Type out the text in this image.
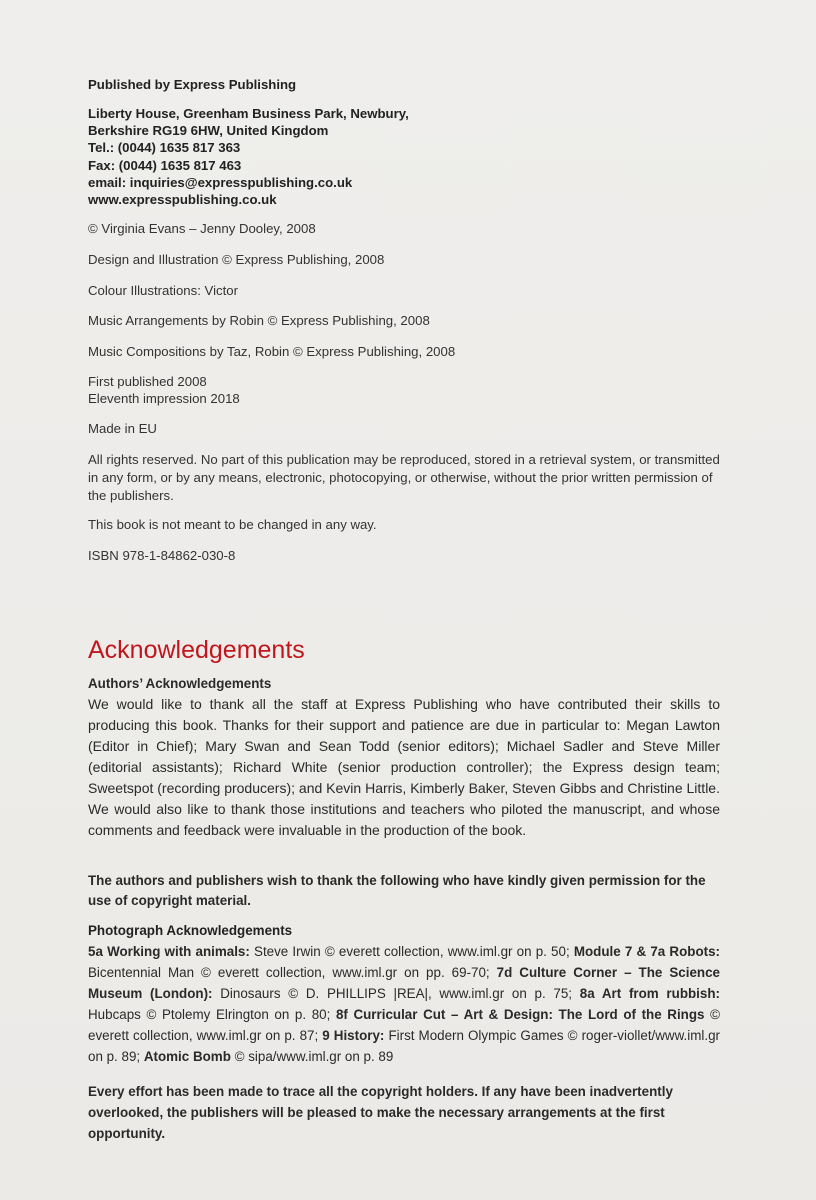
Published by Express Publishing

Liberty House, Greenham Business Park, Newbury,

Berkshire RG19 6HW, United Kingdom

Tel.: (0044) 1635 817 363

Fax: (0044) 1635 817 463

email: inquiries@expresspublishing.co.uk

www.expresspublishing.co.uk

© Virginia Evans – Jenny Dooley, 2008

Design and Illustration © Express Publishing, 2008

Colour Illustrations: Victor

Music Arrangements by Robin © Express Publishing, 2008

Music Compositions by Taz, Robin © Express Publishing, 2008

First published 2008

Eleventh impression 2018

Made in EU

All rights reserved. No part of this publication may be reproduced, stored in a retrieval system, or transmitted in any form, or by any means, electronic, photocopying, or otherwise, without the prior written permission of the publishers.

This book is not meant to be changed in any way.

ISBN 978-1-84862-030-8

Acknowledgements

Authors’ Acknowledgements

We would like to thank all the staff at Express Publishing who have contributed their skills to producing this book. Thanks for their support and patience are due in particular to: Megan Lawton (Editor in Chief); Mary Swan and Sean Todd (senior editors); Michael Sadler and Steve Miller (editorial assistants); Richard White (senior production controller); the Express design team; Sweetspot (recording producers); and Kevin Harris, Kimberly Baker, Steven Gibbs and Christine Little. We would also like to thank those institutions and teachers who piloted the manuscript, and whose comments and feedback were invaluable in the production of the book.

The authors and publishers wish to thank the following who have kindly given permission for the use of copyright material.

Photograph Acknowledgements

5a Working with animals: Steve Irwin © everett collection, www.iml.gr on p. 50; Module 7 & 7a Robots: Bicentennial Man © everett collection, www.iml.gr on pp. 69-70; 7d Culture Corner – The Science Museum (London): Dinosaurs © D. PHILLIPS |REA|, www.iml.gr on p. 75; 8a Art from rubbish: Hubcaps © Ptolemy Elrington on p. 80; 8f Curricular Cut – Art & Design: The Lord of the Rings © everett collection, www.iml.gr on p. 87; 9 History: First Modern Olympic Games © roger-viollet/www.iml.gr on p. 89; Atomic Bomb © sipa/www.iml.gr on p. 89

Every effort has been made to trace all the copyright holders. If any have been inadvertently overlooked, the publishers will be pleased to make the necessary arrangements at the first opportunity.
